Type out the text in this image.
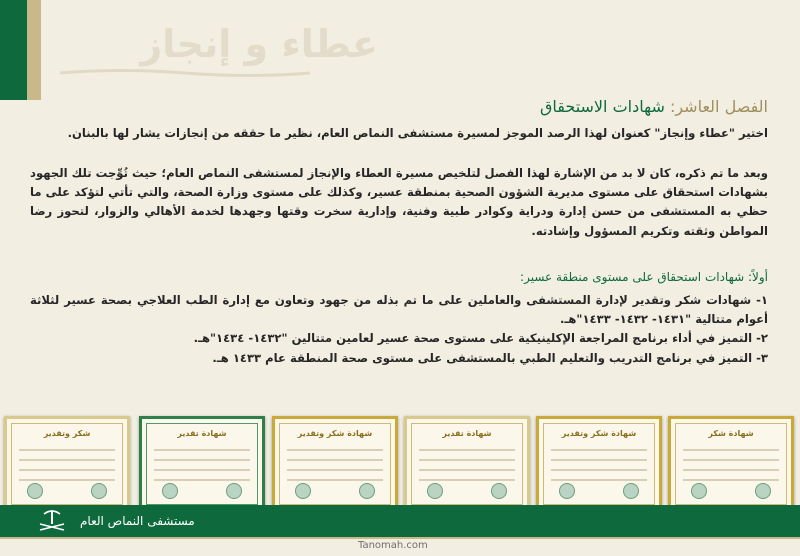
عطاء و إنجاز
الفصل العاشر: شهادات الاستحقاق
اختير "عطاء وإنجاز" كعنوان لهذا الرصد الموجز لمسيرة مستشفى النماص العام، نظير ما حققه من إنجازات يشار لها بالبنان.
وبعد ما تم ذكره، كان لا بد من الإشارة لهذا الفصل لتلخيص مسيرة العطاء والإنجاز لمستشفى النماص العام؛ حيث تُوِّجت تلك الجهود بشهادات استحقاق على مستوى مديرية الشؤون الصحية بمنطقة عسير، وكذلك على مستوى وزارة الصحة، والتي تأتي لتؤكد على ما حظي به المستشفى من حسن إدارة ودراية وكوادر طبية وفنية، وإدارية سخرت وقتها وجهدها لخدمة الأهالي والزوار، لتحوز رضا المواطن وثقته وتكريم المسؤول وإشادته.
أولاً: شهادات استحقاق على مستوى منطقة عسير:
١- شهادات شكر وتقدير لإدارة المستشفى والعاملين على ما تم بذله من جهود وتعاون مع إدارة الطب العلاجي بصحة عسير لثلاثة أعوام متتالية "١٤٣١- ١٤٣٢- ١٤٣٣"هـ.
٢- التميز في أداء برنامج المراجعة الإكلينيكية على مستوى صحة عسير لعامين متتالين "١٤٣٢- ١٤٣٤"هـ.
٣- التميز في برنامج التدريب والتعليم الطبي بالمستشفى على مستوى صحة المنطقة عام ١٤٣٣ هـ.
شكر وتقدير	شهادة تقدير	شهادة شكر وتقدير	شهادة تقدير	شهادة شكر وتقدير	شهادة شكر
مستشفى النماص العام
Tanomah.com
